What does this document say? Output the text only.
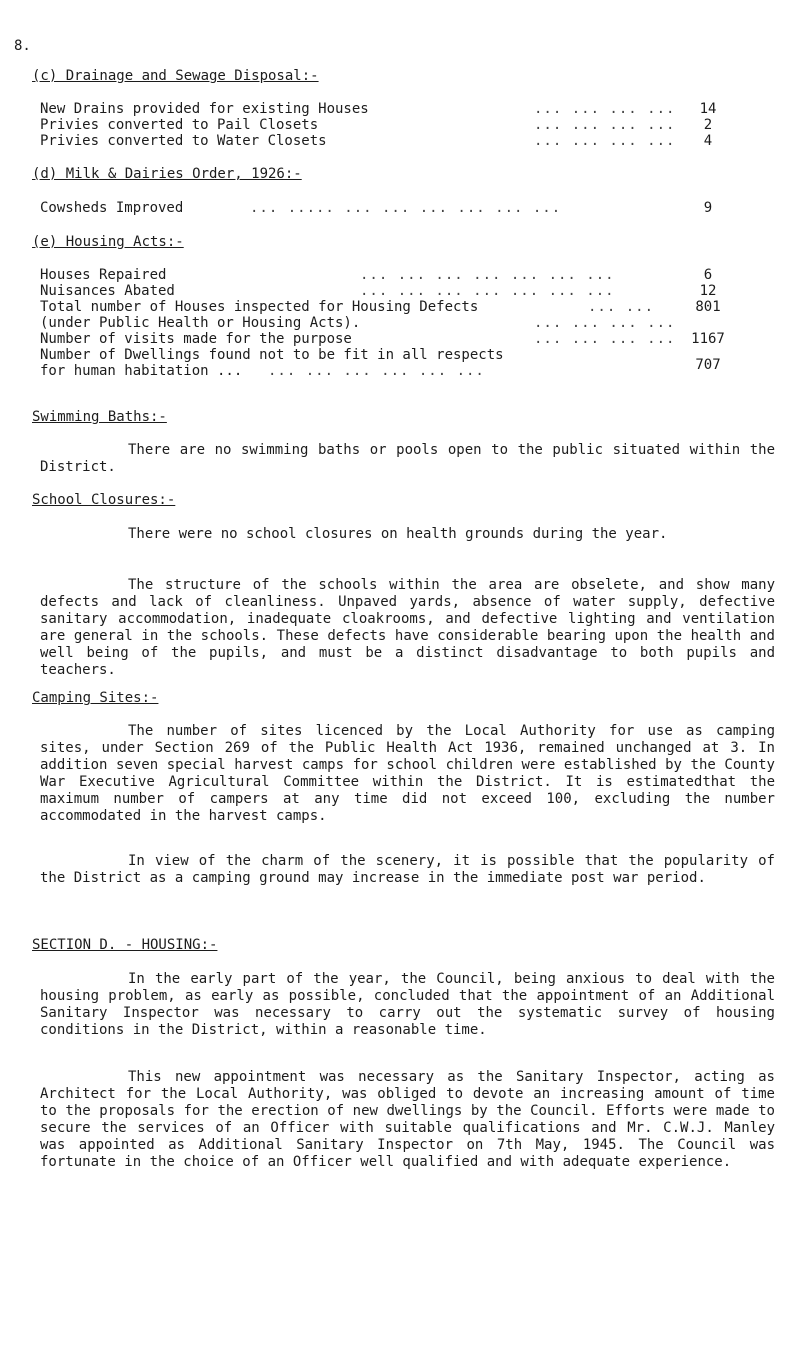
8.
(c) Drainage and Sewage Disposal:-
New Drains provided for existing Houses	... ... ... ...	14
Privies converted to Pail Closets	... ... ... ...	2
Privies converted to Water Closets	... ... ... ...	4
(d) Milk & Dairies Order, 1926:-
Cowsheds Improved	... ..... ... ... ... ... ... ...	9
(e) Housing Acts:-
Houses Repaired	... ... ... ... ... ... ...	6
Nuisances Abated	... ... ... ... ... ... ...	12
Total number of Houses inspected for Housing Defects	... ...	801
(under Public Health or Housing Acts).	... ... ... ...
Number of visits made for the purpose	... ... ... ... 1167
Number of Dwellings found not to be fit in all respects
for human habitation ... ... ... ... ... ... ...	707
Swimming Baths:-
There are no swimming baths or pools open to the public situated within the District.
School Closures:-
There were no school closures on health grounds during the year.
The structure of the schools within the area are obselete, and show many defects and lack of cleanliness. Unpaved yards, absence of water supply, defective sanitary accommodation, inadequate cloakrooms, and defective lighting and ventilation are general in the schools. These defects have considerable bearing upon the health and well being of the pupils, and must be a distinct disadvantage to both pupils and teachers.
Camping Sites:-
The number of sites licenced by the Local Authority for use as camping sites, under Section 269 of the Public Health Act 1936, remained unchanged at 3. In addition seven special harvest camps for school children were established by the County War Executive Agricultural Committee within the District. It is estimatedthat the maximum number of campers at any time did not exceed 100, excluding the number accommodated in the harvest camps.
In view of the charm of the scenery, it is possible that the popularity of the District as a camping ground may increase in the immediate post war period.
SECTION D. - HOUSING:-
In the early part of the year, the Council, being anxious to deal with the housing problem, as early as possible, concluded that the appointment of an Additional Sanitary Inspector was necessary to carry out the systematic survey of housing conditions in the District, within a reasonable time.
This new appointment was necessary as the Sanitary Inspector, acting as Architect for the Local Authority, was obliged to devote an increasing amount of time to the proposals for the erection of new dwellings by the Council. Efforts were made to secure the services of an Officer with suitable qualifications and Mr. C.W.J. Manley was appointed as Additional Sanitary Inspector on 7th May, 1945. The Council was fortunate in the choice of an Officer well qualified and with adequate experience.
